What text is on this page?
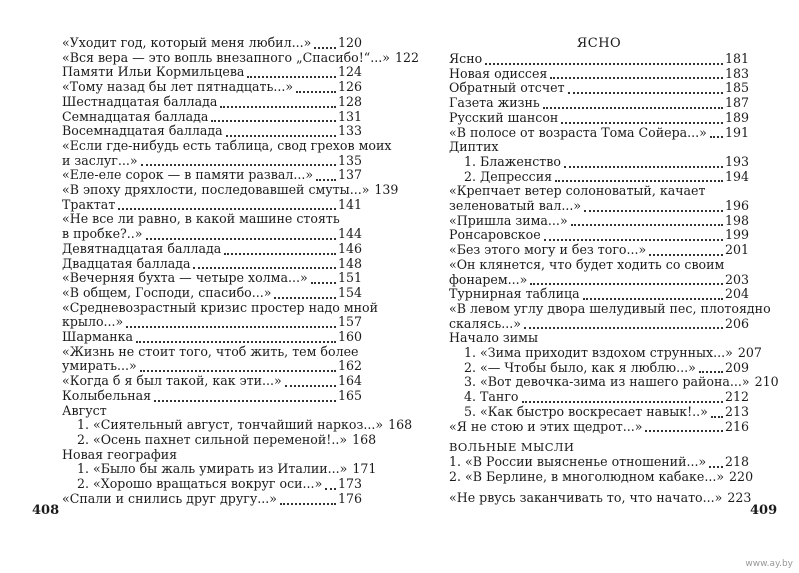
«Уходит год, который меня любил...» 120
«Вся вера — это вопль внезапного „Спасибо!“...» 122
Памяти Ильи Кормильцева	124
«Тому назад бы лет пятнадцать...»	126
Шестнадцатая баллада	128
Семнадцатая баллада	131
Восемнадцатая баллада	133
«Если где-нибудь есть таблица, свод грехов моих
и заслуг...»	135
«Еле-еле сорок — в памяти развал...» 137
«В эпоху дряхлости, последовавшей смуты...» 139
Трактат	141
«Не все ли равно, в какой машине стоять
в пробке?..»	144
Девятнадцатая баллада	146
Двадцатая баллада	148
«Вечерняя бухта — четыре холма...» 151
«В общем, Господи, спасибо...»	154
«Средневозрастный кризис простер надо мной
крыло...»	157
Шарманка	160
«Жизнь не стоит того, чтоб жить, тем более
умирать...»	162
«Когда б я был такой, как эти...»	164
Колыбельная	165
Август
1. «Сиятельный август, тончайший наркоз...» 168
2. «Осень пахнет сильной переменой!..» 168
Новая география
1. «Было бы жаль умирать из Италии...» 171
2. «Хорошо вращаться вокруг оси...» 173
«Спали и снились друг другу...»	176
ЯСНО
Ясно	181
Новая одиссея	183
Обратный отсчет	185
Газета жизнь	187
Русский шансон	189
«В полосе от возраста Тома Сойера...» 191
Диптих
1. Блаженство	193
2. Депрессия	194
«Крепчает ветер солоноватый, качает
зеленоватый вал...»	196
«Пришла зима...»	198
Ронсаровское	199
«Без этого могу и без того...»	201
«Он клянется, что будет ходить со своим
фонарем...»	203
Турнирная таблица	204
«В левом углу двора шелудивый пес, плотоядно
скалясь...»	206
Начало зимы
1. «Зима приходит вздохом струнных...» 207
2. «— Чтобы было, как я люблю...» 209
3. «Вот девочка-зима из нашего района...» 210
4. Танго	212
5. «Как быстро воскресает навык!..» 213
«Я не стою и этих щедрот...»	216
ВОЛЬНЫЕ МЫСЛИ
1. «В России выясненье отношений...» 218
2. «В Берлине, в многолюдном кабаке...» 220
«Не рвусь заканчивать то, что начато...» 223
408	409
www.ay.by
